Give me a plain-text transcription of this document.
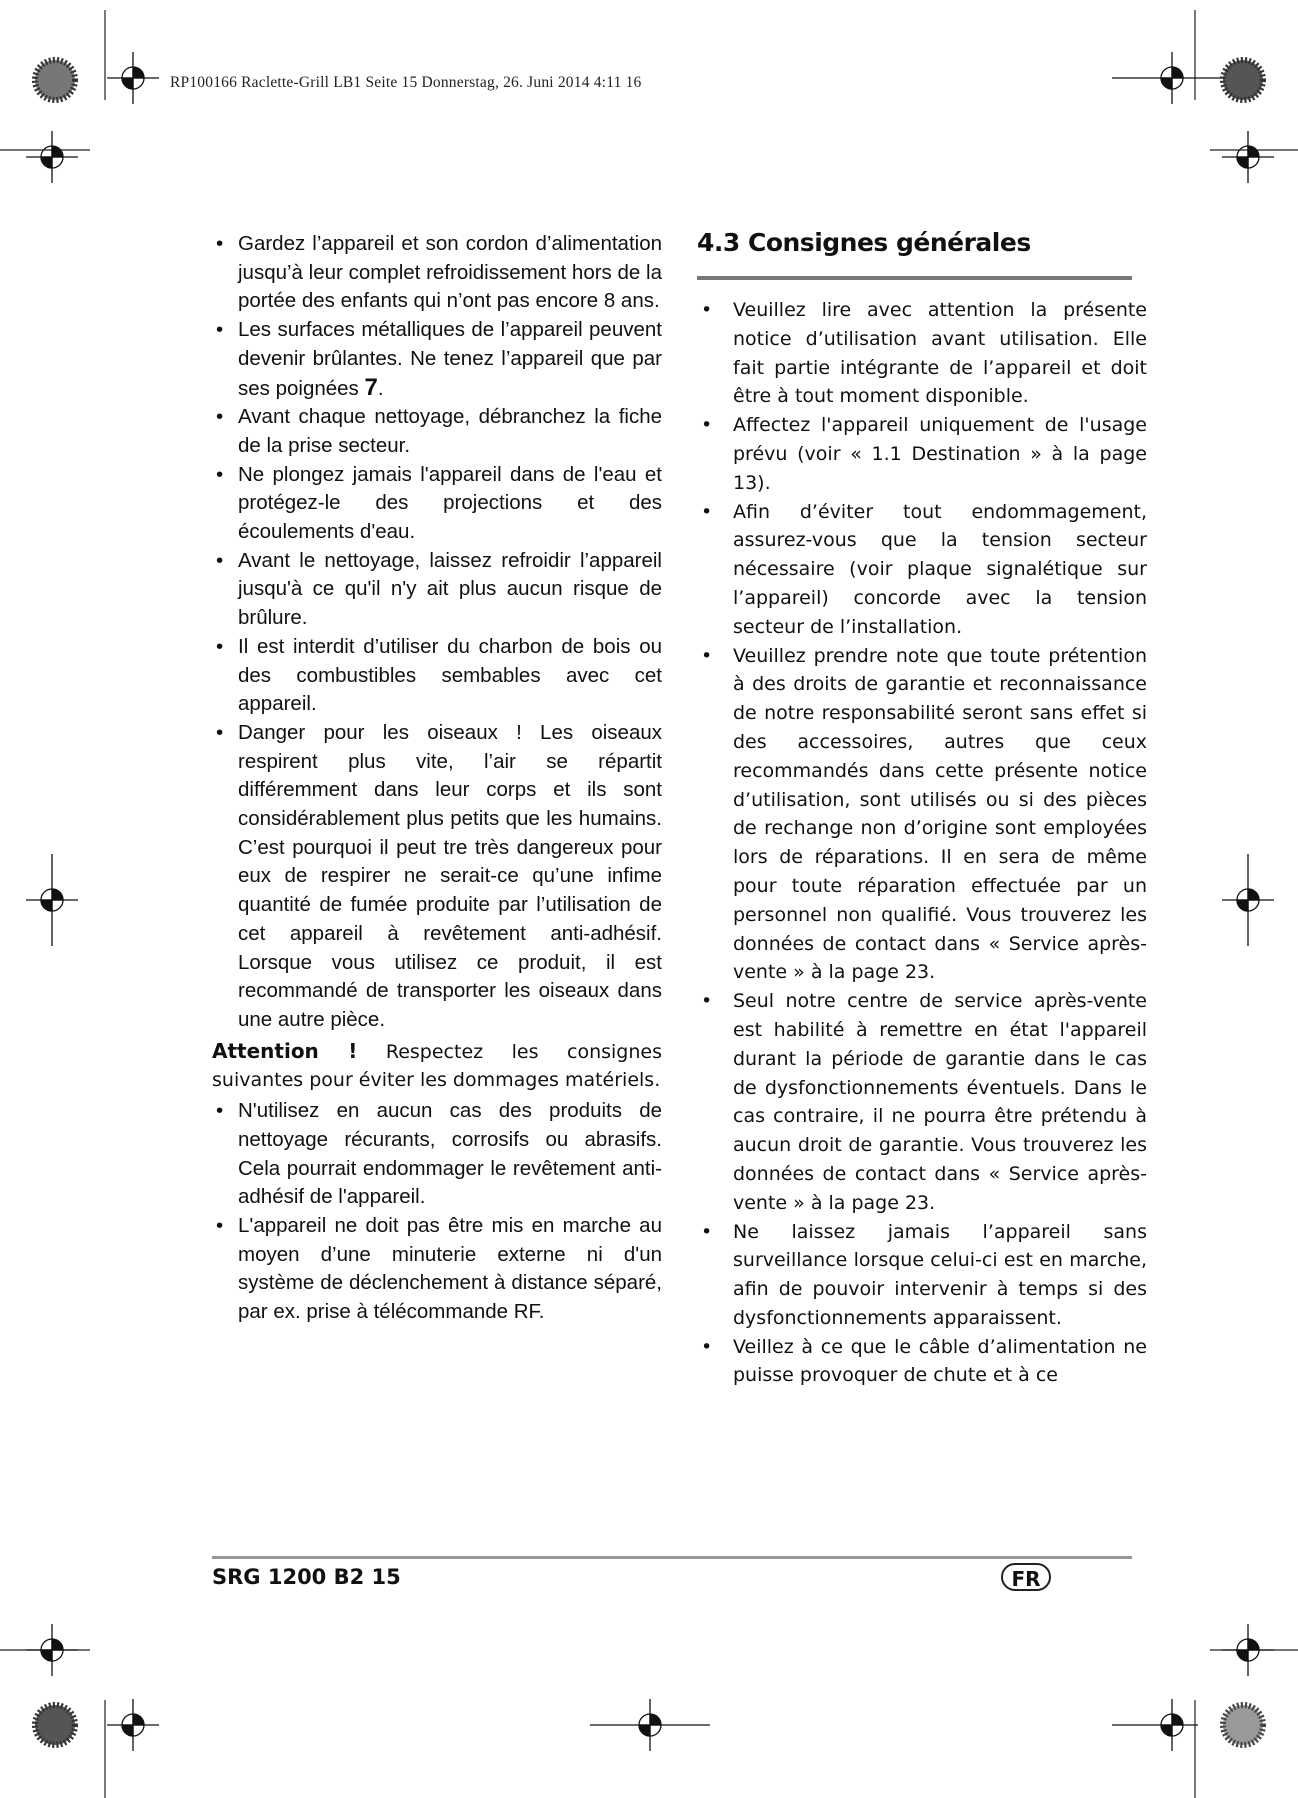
RP100166 Raclette-Grill LB1 Seite 15 Donnerstag, 26. Juni 2014 4:11 16
• Gardez l’appareil et son cordon d’alimentation jusqu’à leur complet refroidissement hors de la portée des enfants qui n’ont pas encore 8 ans.
• Les surfaces métalliques de l’appareil peuvent devenir brûlantes. Ne tenez l’appareil que par ses poignées 7.
• Avant chaque nettoyage, débranchez la fiche de la prise secteur.
• Ne plongez jamais l'appareil dans de l'eau et protégez-le des projections et des écoulements d'eau.
• Avant le nettoyage, laissez refroidir l’appareil jusqu'à ce qu'il n'y ait plus aucun risque de brûlure.
• Il est interdit d’utiliser du charbon de bois ou des combustibles sembables avec cet appareil.
• Danger pour les oiseaux ! Les oiseaux respirent plus vite, l’air se répartit différemment dans leur corps et ils sont considérablement plus petits que les humains. C’est pourquoi il peut tre très dangereux pour eux de respirer ne serait-ce qu’une infime quantité de fumée produite par l’utilisation de cet appareil à revêtement anti-adhésif. Lorsque vous utilisez ce produit, il est recommandé de transporter les oiseaux dans une autre pièce.

Attention ! Respectez les consignes suivantes pour éviter les dommages matériels.

• N'utilisez en aucun cas des produits de nettoyage récurants, corrosifs ou abrasifs. Cela pourrait endommager le revêtement anti-adhésif de l'appareil.
• L'appareil ne doit pas être mis en marche au moyen d’une minuterie externe ni d'un système de déclenchement à distance séparé, par ex. prise à télécommande RF.
4.3 Consignes générales
• Veuillez lire avec attention la présente notice d’utilisation avant utilisation. Elle fait partie intégrante de l’appareil et doit être à tout moment disponible.
• Affectez l'appareil uniquement de l'usage prévu (voir « 1.1 Destination » à la page 13).
• Afin d’éviter tout endommagement, assurez-vous que la tension secteur nécessaire (voir plaque signalétique sur l’appareil) concorde avec la tension secteur de l’installation.
• Veuillez prendre note que toute prétention à des droits de garantie et reconnaissance de notre responsabilité seront sans effet si des accessoires, autres que ceux recommandés dans cette présente notice d’utilisation, sont utilisés ou si des pièces de rechange non d’origine sont employées lors de réparations. Il en sera de même pour toute réparation effectuée par un personnel non qualifié. Vous trouverez les données de contact dans « Service après-vente » à la page 23.
• Seul notre centre de service après-vente est habilité à remettre en état l'appareil durant la période de garantie dans le cas de dysfonctionnements éventuels. Dans le cas contraire, il ne pourra être prétendu à aucun droit de garantie. Vous trouverez les données de contact dans « Service après-vente » à la page 23.
• Ne laissez jamais l’appareil sans surveillance lorsque celui-ci est en marche, afin de pouvoir intervenir à temps si des dysfonctionnements apparaissent.
• Veillez à ce que le câble d’alimentation ne puisse provoquer de chute et à ce
SRG 1200 B2 15	FR
